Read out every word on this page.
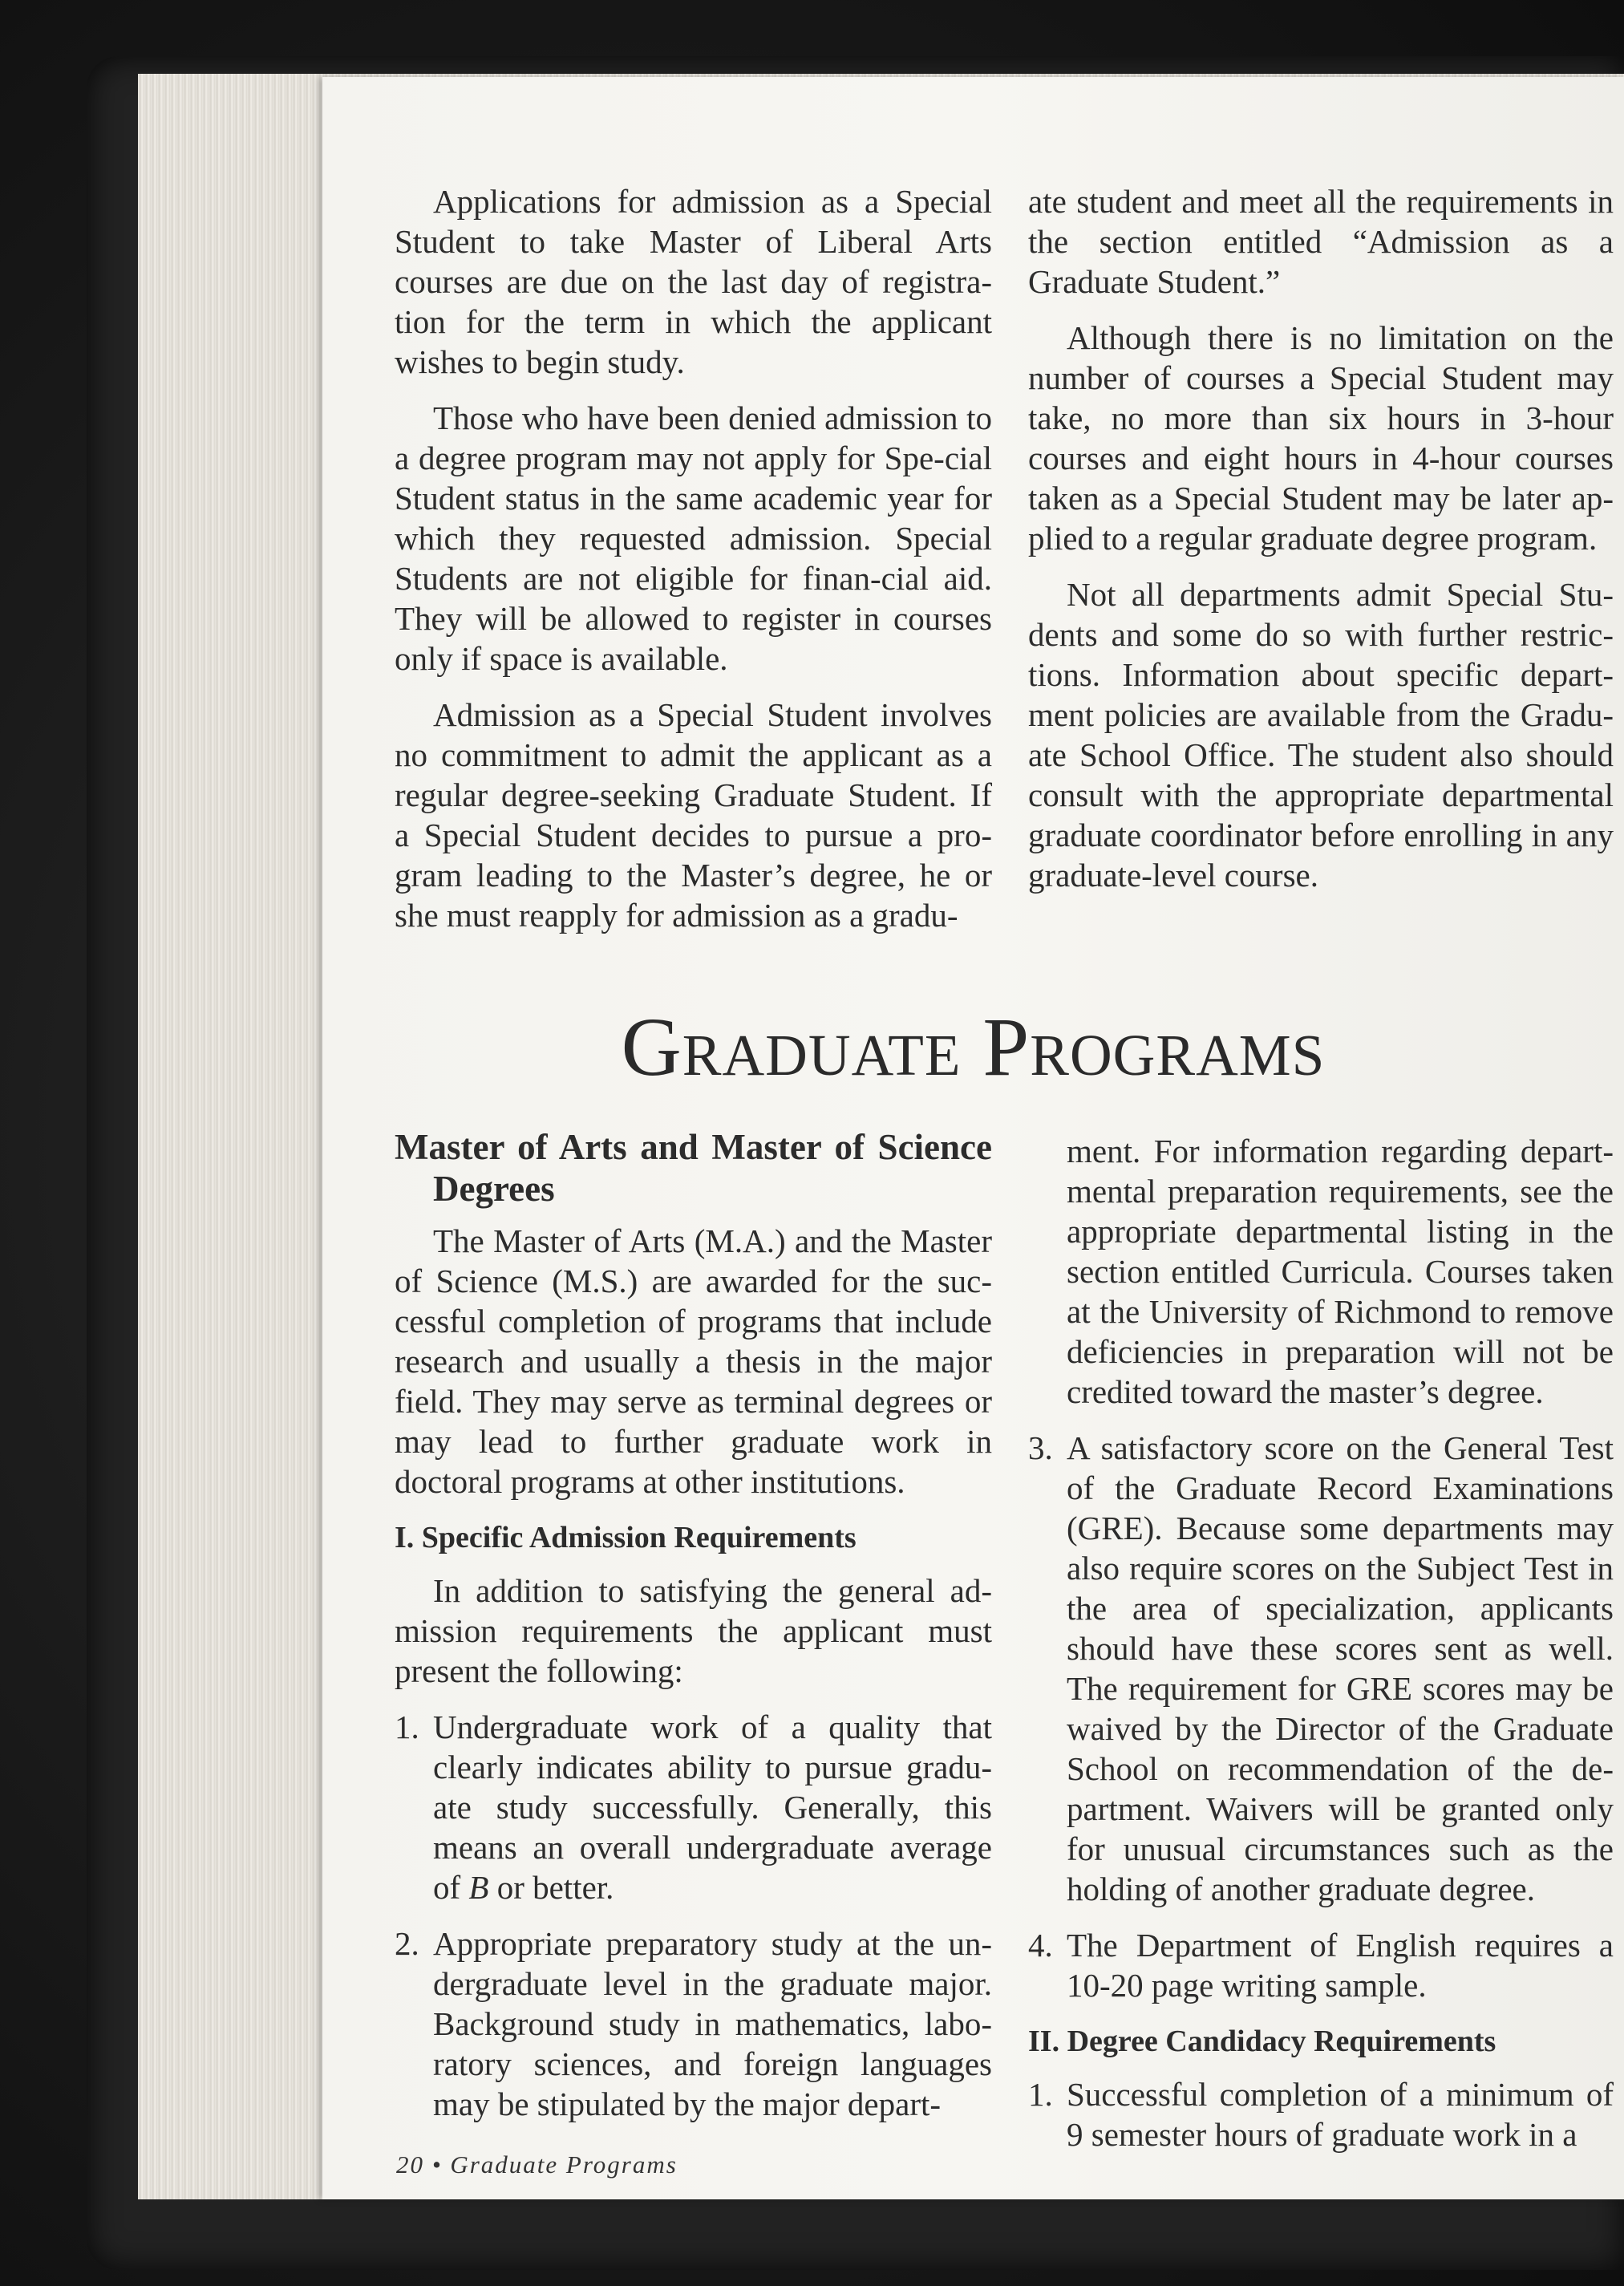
Applications for admission as a Special Student to take Master of Liberal Arts courses are due on the last day of registra-tion for the term in which the applicant wishes to begin study.

Those who have been denied admission to a degree program may not apply for Spe-cial Student status in the same academic year for which they requested admission. Special Students are not eligible for finan-cial aid. They will be allowed to register in courses only if space is available.

Admission as a Special Student involves no commitment to admit the applicant as a regular degree-seeking Graduate Student. If a Special Student decides to pursue a pro-gram leading to the Master’s degree, he or she must reapply for admission as a gradu-

ate student and meet all the requirements in the section entitled “Admission as a Graduate Student.”

Although there is no limitation on the number of courses a Special Student may take, no more than six hours in 3-hour courses and eight hours in 4-hour courses taken as a Special Student may be later ap-plied to a regular graduate degree program.

Not all departments admit Special Stu-dents and some do so with further restric-tions. Information about specific depart-ment policies are available from the Gradu-ate School Office. The student also should consult with the appropriate departmental graduate coordinator before enrolling in any graduate-level course.

Graduate Programs
Master of Arts and Master of Science Degrees

The Master of Arts (M.A.) and the Master of Science (M.S.) are awarded for the suc-cessful completion of programs that include research and usually a thesis in the major field. They may serve as terminal degrees or may lead to further graduate work in doctoral programs at other institutions.

I. Specific Admission Requirements

In addition to satisfying the general ad-mission requirements the applicant must present the following:

1. Undergraduate work of a quality that clearly indicates ability to pursue gradu-ate study successfully. Generally, this means an overall undergraduate average of B or better.
2. Appropriate preparatory study at the un-dergraduate level in the graduate major. Background study in mathematics, labo-ratory sciences, and foreign languages may be stipulated by the major depart-
ment. For information regarding depart-mental preparation requirements, see the appropriate departmental listing in the section entitled Curricula. Courses taken at the University of Richmond to remove deficiencies in preparation will not be credited toward the master’s degree.
3. A satisfactory score on the General Test of the Graduate Record Examinations (GRE). Because some departments may also require scores on the Subject Test in the area of specialization, applicants should have these scores sent as well. The requirement for GRE scores may be waived by the Director of the Graduate School on recommendation of the de-partment. Waivers will be granted only for unusual circumstances such as the holding of another graduate degree.
4. The Department of English requires a 10-20 page writing sample.
II. Degree Candidacy Requirements
1. Successful completion of a minimum of 9 semester hours of graduate work in a
20 • Graduate Programs
